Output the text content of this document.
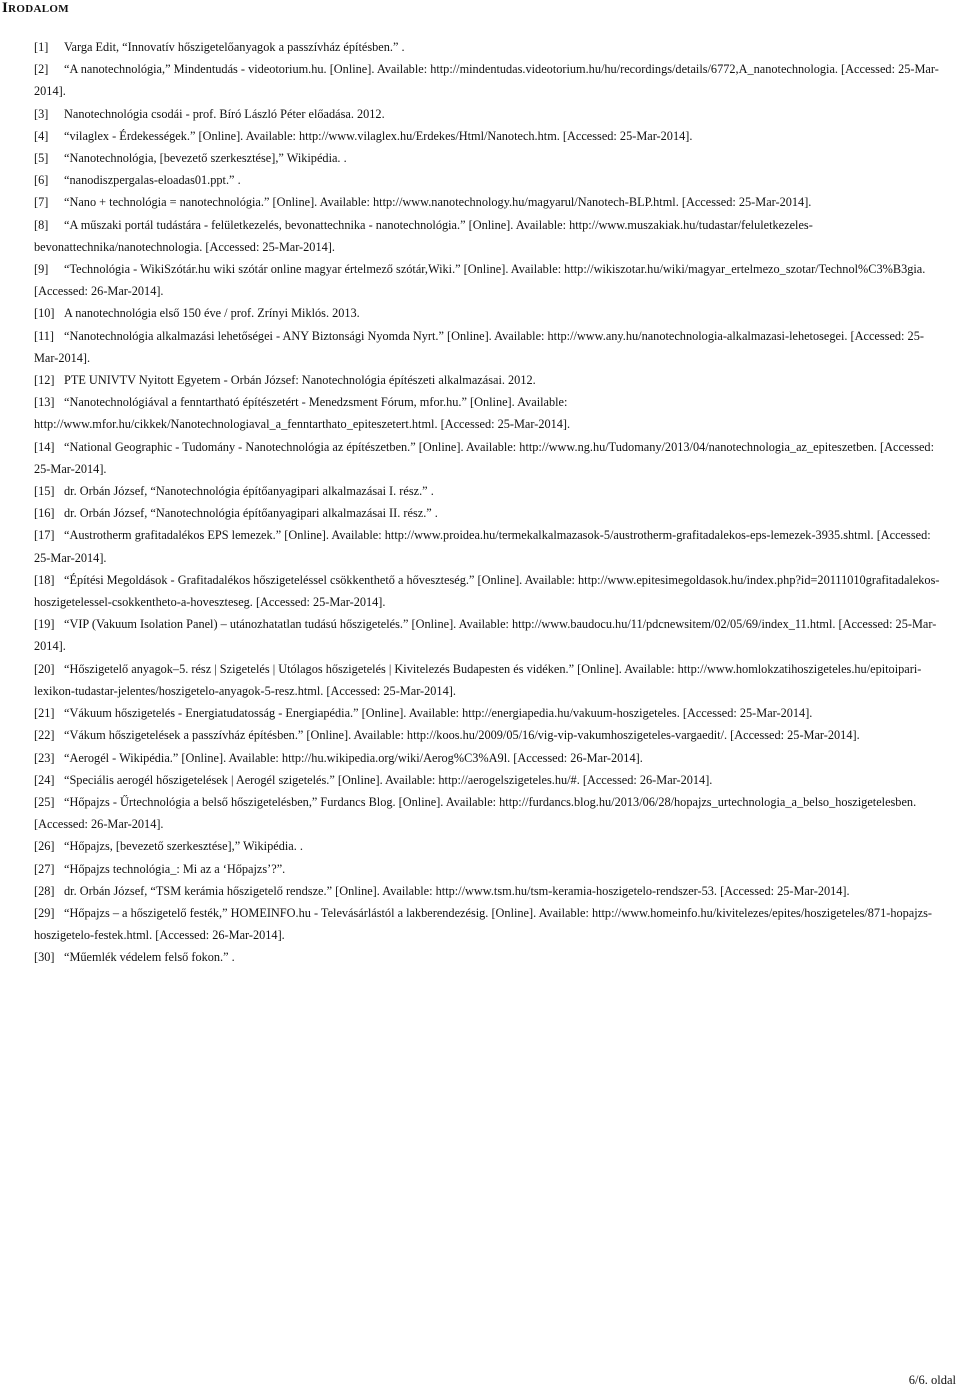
Irodalom
[1] Varga Edit, “Innovatív hőszigetelőanyagok a passzívház építésben.” .
[2] “A nanotechnológia,” Mindentudás - videotorium.hu. [Online]. Available: http://mindentudas.videotorium.hu/hu/recordings/details/6772,A_nanotechnologia. [Accessed: 25-Mar-2014].
[3] Nanotechnológia csodái - prof. Bíró László Péter előadása. 2012.
[4] “vilaglex - Érdekességek.” [Online]. Available: http://www.vilaglex.hu/Erdekes/Html/Nanotech.htm. [Accessed: 25-Mar-2014].
[5] “Nanotechnológia, [bevezető szerkesztése],” Wikipédia. .
[6] “nanodiszpergalas-eloadas01.ppt.” .
[7] “Nano + technológia = nanotechnológia.” [Online]. Available: http://www.nanotechnology.hu/magyarul/Nanotech-BLP.html. [Accessed: 25-Mar-2014].
[8] “A műszaki portál tudástára - felületkezelés, bevonattechnika - nanotechnológia.” [Online]. Available: http://www.muszakiak.hu/tudastar/feluletkezeles-bevonattechnika/nanotechnologia. [Accessed: 25-Mar-2014].
[9] “Technológia - WikiSzótár.hu wiki szótár online magyar értelmező szótár,Wiki.” [Online]. Available: http://wikiszotar.hu/wiki/magyar_ertelmezo_szotar/Technol%C3%B3gia. [Accessed: 26-Mar-2014].
[10] A nanotechnológia első 150 éve / prof. Zrínyi Miklós. 2013.
[11] “Nanotechnológia alkalmazási lehetőségei - ANY Biztonsági Nyomda Nyrt.” [Online]. Available: http://www.any.hu/nanotechnologia-alkalmazasi-lehetosegei. [Accessed: 25-Mar-2014].
[12] PTE UNIVTV Nyitott Egyetem - Orbán József: Nanotechnológia építészeti alkalmazásai. 2012.
[13] “Nanotechnológiával a fenntartható építészetért - Menedzsment Fórum, mfor.hu.” [Online]. Available: http://www.mfor.hu/cikkek/Nanotechnologiaval_a_fenntarthato_epiteszetert.html. [Accessed: 25-Mar-2014].
[14] “National Geographic - Tudomány - Nanotechnológia az építészetben.” [Online]. Available: http://www.ng.hu/Tudomany/2013/04/nanotechnologia_az_epiteszetben. [Accessed: 25-Mar-2014].
[15] dr. Orbán József, “Nanotechnológia építőanyagipari alkalmazásai I. rész.” .
[16] dr. Orbán József, “Nanotechnológia építőanyagipari alkalmazásai II. rész.” .
[17] “Austrotherm grafitadalékos EPS lemezek.” [Online]. Available: http://www.proidea.hu/termekalkalmazasok-5/austrotherm-grafitadalekos-eps-lemezek-3935.shtml. [Accessed: 25-Mar-2014].
[18] “Építési Megoldások - Grafitadalékos hőszigeteléssel csökkenthető a hőveszteség.” [Online]. Available: http://www.epitesimegoldasok.hu/index.php?id=20111010grafitadalekos-hoszigetelessel-csokkentheto-a-hoveszteseg. [Accessed: 25-Mar-2014].
[19] “VIP (Vakuum Isolation Panel) – utánozhatatlan tudású hőszigetelés.” [Online]. Available: http://www.baudocu.hu/11/pdcnewsitem/02/05/69/index_11.html. [Accessed: 25-Mar-2014].
[20] “Hőszigetelő anyagok–5. rész | Szigetelés | Utólagos hőszigetelés | Kivitelezés Budapesten és vidéken.” [Online]. Available: http://www.homlokzatihoszigeteles.hu/epitoipari-lexikon-tudastar-jelentes/hoszigetelo-anyagok-5-resz.html. [Accessed: 25-Mar-2014].
[21] “Vákuum hőszigetelés - Energiatudatosság - Energiapédia.” [Online]. Available: http://energiapedia.hu/vakuum-hoszigeteles. [Accessed: 25-Mar-2014].
[22] “Vákum hőszigetelések a passzívház építésben.” [Online]. Available: http://koos.hu/2009/05/16/vig-vip-vakumhoszigeteles-vargaedit/. [Accessed: 25-Mar-2014].
[23] “Aerogél - Wikipédia.” [Online]. Available: http://hu.wikipedia.org/wiki/Aerog%C3%A9l. [Accessed: 26-Mar-2014].
[24] “Speciális aerogél hőszigetelések | Aerogél szigetelés.” [Online]. Available: http://aerogelszigeteles.hu/#. [Accessed: 26-Mar-2014].
[25] “Hőpajzs - Űrtechnológia a belső hőszigetelésben,” Furdancs Blog. [Online]. Available: http://furdancs.blog.hu/2013/06/28/hopajzs_urtechnologia_a_belso_hoszigetelesben. [Accessed: 26-Mar-2014].
[26] “Hőpajzs, [bevezető szerkesztése],” Wikipédia. .
[27] “Hőpajzs technológia_: Mi az a ‘Hőpajzs’?”.
[28] dr. Orbán József, “TSM kerámia hőszigetelő rendsze.” [Online]. Available: http://www.tsm.hu/tsm-keramia-hoszigetelo-rendszer-53. [Accessed: 25-Mar-2014].
[29] “Hőpajzs – a hőszigetelő festék,” HOMEINFO.hu - Televásárlástól a lakberendezésig. [Online]. Available: http://www.homeinfo.hu/kivitelezes/epites/hoszigeteles/871-hopajzs-hoszigetelo-festek.html. [Accessed: 26-Mar-2014].
[30] “Műemlék védelem felső fokon.” .

6/6. oldal
